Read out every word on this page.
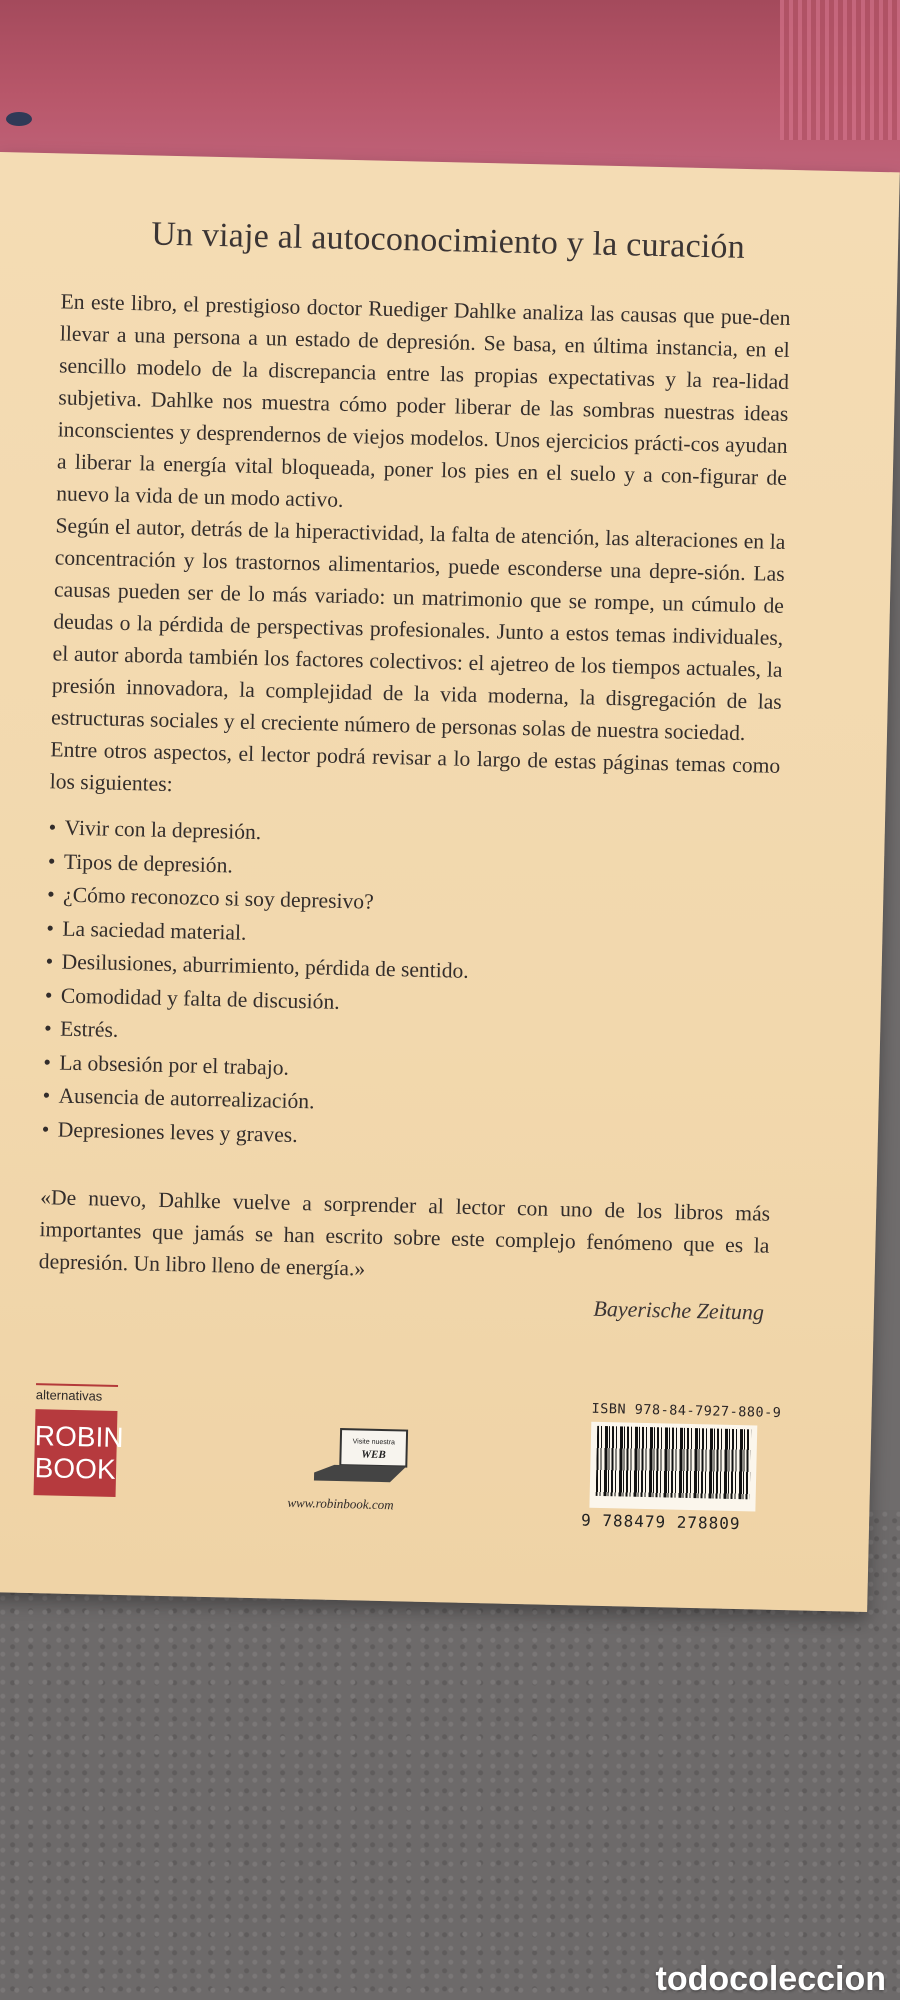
Un viaje al autoconocimiento y la curación

En este libro, el prestigioso doctor Ruediger Dahlke analiza las causas que pue-den llevar a una persona a un estado de depresión. Se basa, en última instancia, en el sencillo modelo de la discrepancia entre las propias expectativas y la rea-lidad subjetiva. Dahlke nos muestra cómo poder liberar de las sombras nuestras ideas inconscientes y desprendernos de viejos modelos. Unos ejercicios prácti-cos ayudan a liberar la energía vital bloqueada, poner los pies en el suelo y a con-figurar de nuevo la vida de un modo activo.

Según el autor, detrás de la hiperactividad, la falta de atención, las alteraciones en la concentración y los trastornos alimentarios, puede esconderse una depre-sión. Las causas pueden ser de lo más variado: un matrimonio que se rompe, un cúmulo de deudas o la pérdida de perspectivas profesionales. Junto a estos temas individuales, el autor aborda también los factores colectivos: el ajetreo de los tiempos actuales, la presión innovadora, la complejidad de la vida moderna, la disgregación de las estructuras sociales y el creciente número de personas solas de nuestra sociedad.

Entre otros aspectos, el lector podrá revisar a lo largo de estas páginas temas como los siguientes:

• Vivir con la depresión.
• Tipos de depresión.
• ¿Cómo reconozco si soy depresivo?
• La saciedad material.
• Desilusiones, aburrimiento, pérdida de sentido.
• Comodidad y falta de discusión.
• Estrés.
• La obsesión por el trabajo.
• Ausencia de autorrealización.
• Depresiones leves y graves.
«De nuevo, Dahlke vuelve a sorprender al lector con uno de los libros más importantes que jamás se han escrito sobre este complejo fenómeno que es la depresión. Un libro lleno de energía.»
Bayerische Zeitung
alternativas
ROBIN
BOOK
Visite nuestra
WEB
www.robinbook.com
ISBN 978-84-7927-880-9
9 788479 278809
todocoleccion
